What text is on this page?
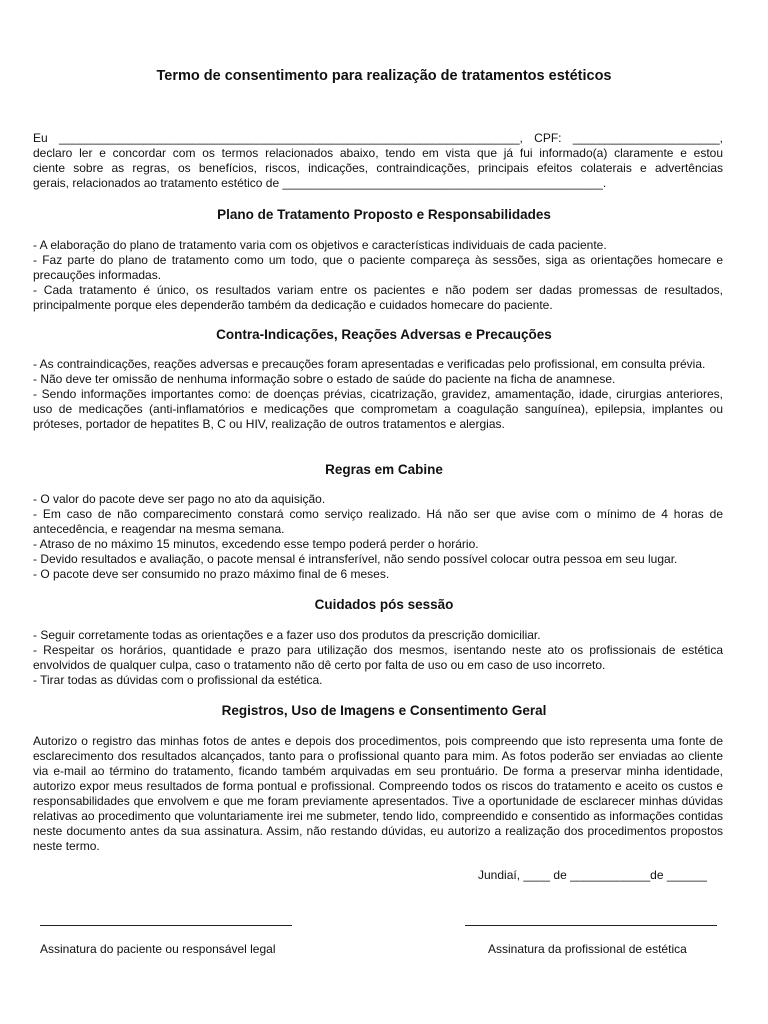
Termo de consentimento para realização de tratamentos estéticos
Eu _____________________________________________________________________, CPF: ______________________,
declaro ler e concordar com os termos relacionados abaixo, tendo em vista que já fui informado(a) claramente e estou
ciente sobre as regras, os benefícios, riscos, indicações, contraindicações, principais efeitos colaterais e advertências
gerais, relacionados ao tratamento estético de ________________________________________________.
Plano de Tratamento Proposto e Responsabilidades
- A elaboração do plano de tratamento varia com os objetivos e características individuais de cada paciente.
- Faz parte do plano de tratamento como um todo, que o paciente compareça às sessões, siga as orientações homecare e precauções informadas.
- Cada tratamento é único, os resultados variam entre os pacientes e não podem ser dadas promessas de resultados, principalmente porque eles dependerão também da dedicação e cuidados homecare do paciente.
Contra-Indicações, Reações Adversas e Precauções
- As contraindicações, reações adversas e precauções foram apresentadas e verificadas pelo profissional, em consulta prévia.
- Não deve ter omissão de nenhuma informação sobre o estado de saúde do paciente na ficha de anamnese.
- Sendo informações importantes como: de doenças prévias, cicatrização, gravidez, amamentação, idade, cirurgias anteriores, uso de medicações (anti-inflamatórios e medicações que comprometam a coagulação sanguínea), epilepsia, implantes ou próteses, portador de hepatites B, C ou HIV, realização de outros tratamentos e alergias.
Regras em Cabine
- O valor do pacote deve ser pago no ato da aquisição.
- Em caso de não comparecimento constará como serviço realizado. Há não ser que avise com o mínimo de 4 horas de antecedência, e reagendar na mesma semana.
- Atraso de no máximo 15 minutos, excedendo esse tempo poderá perder o horário.
- Devido resultados e avaliação, o pacote mensal é intransferível, não sendo possível colocar outra pessoa em seu lugar.
- O pacote deve ser consumido no prazo máximo final de 6 meses.
Cuidados pós sessão
- Seguir corretamente todas as orientações e a fazer uso dos produtos da prescrição domiciliar.
- Respeitar os horários, quantidade e prazo para utilização dos mesmos, isentando neste ato os profissionais de estética envolvidos de qualquer culpa, caso o tratamento não dê certo por falta de uso ou em caso de uso incorreto.
- Tirar todas as dúvidas com o profissional da estética.
Registros, Uso de Imagens e Consentimento Geral
Autorizo o registro das minhas fotos de antes e depois dos procedimentos, pois compreendo que isto representa uma fonte de esclarecimento dos resultados alcançados, tanto para o profissional quanto para mim. As fotos poderão ser enviadas ao cliente via e-mail ao término do tratamento, ficando também arquivadas em seu prontuário. De forma a preservar minha identidade, autorizo expor meus resultados de forma pontual e profissional. Compreendo todos os riscos do tratamento e aceito os custos e responsabilidades que envolvem e que me foram previamente apresentados. Tive a oportunidade de esclarecer minhas dúvidas relativas ao procedimento que voluntariamente irei me submeter, tendo lido, compreendido e consentido as informações contidas neste documento antes da sua assinatura. Assim, não restando dúvidas, eu autorizo a realização dos procedimentos propostos neste termo.
Jundiaí, ____ de ____________de ______
Assinatura do paciente ou responsável legal	Assinatura da profissional de estética
